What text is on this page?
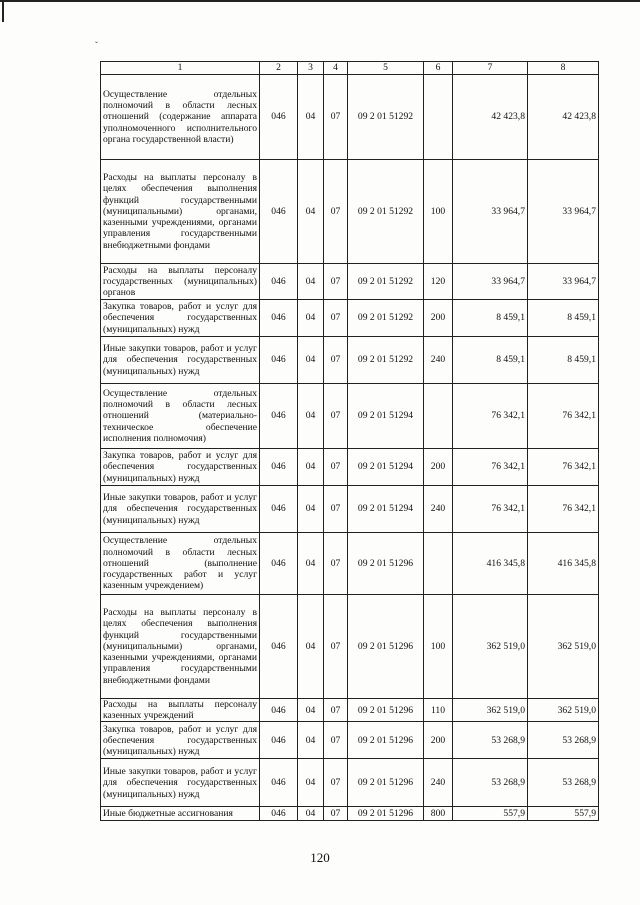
ˇ
1	2	3	4	5	6	7	8
Осуществление отдельных полномочий в области лесных отношений (содержание аппарата уполномоченного исполнительного органа государственной власти)	046	04	07	09 2 01 51292		42 423,8	42 423,8
Расходы на выплаты персоналу в целях обеспечения выполнения функций государственными (муниципальными) органами, казенными учреждениями, органами управления государственными внебюджетными фондами	046	04	07	09 2 01 51292	100	33 964,7	33 964,7
Расходы на выплаты персоналу государственных (муниципальных) органов	046	04	07	09 2 01 51292	120	33 964,7	33 964,7
Закупка товаров, работ и услуг для обеспечения государственных (муниципальных) нужд	046	04	07	09 2 01 51292	200	8 459,1	8 459,1
Иные закупки товаров, работ и услуг для обеспечения государственных (муниципальных) нужд	046	04	07	09 2 01 51292	240	8 459,1	8 459,1
Осуществление отдельных полномочий в области лесных отношений (материально-техническое обеспечение исполнения полномочия)	046	04	07	09 2 01 51294		76 342,1	76 342,1
Закупка товаров, работ и услуг для обеспечения государственных (муниципальных) нужд	046	04	07	09 2 01 51294	200	76 342,1	76 342,1
Иные закупки товаров, работ и услуг для обеспечения государственных (муниципальных) нужд	046	04	07	09 2 01 51294	240	76 342,1	76 342,1
Осуществление отдельных полномочий в области лесных отношений (выполнение государственных работ и услуг казенным учреждением)	046	04	07	09 2 01 51296		416 345,8	416 345,8
Расходы на выплаты персоналу в целях обеспечения выполнения функций государственными (муниципальными) органами, казенными учреждениями, органами управления государственными внебюджетными фондами	046	04	07	09 2 01 51296	100	362 519,0	362 519,0
Расходы на выплаты персоналу казенных учреждений	046	04	07	09 2 01 51296	110	362 519,0	362 519,0
Закупка товаров, работ и услуг для обеспечения государственных (муниципальных) нужд	046	04	07	09 2 01 51296	200	53 268,9	53 268,9
Иные закупки товаров, работ и услуг для обеспечения государственных (муниципальных) нужд	046	04	07	09 2 01 51296	240	53 268,9	53 268,9
Иные бюджетные ассигнования	046	04	07	09 2 01 51296	800	557,9	557,9
120
